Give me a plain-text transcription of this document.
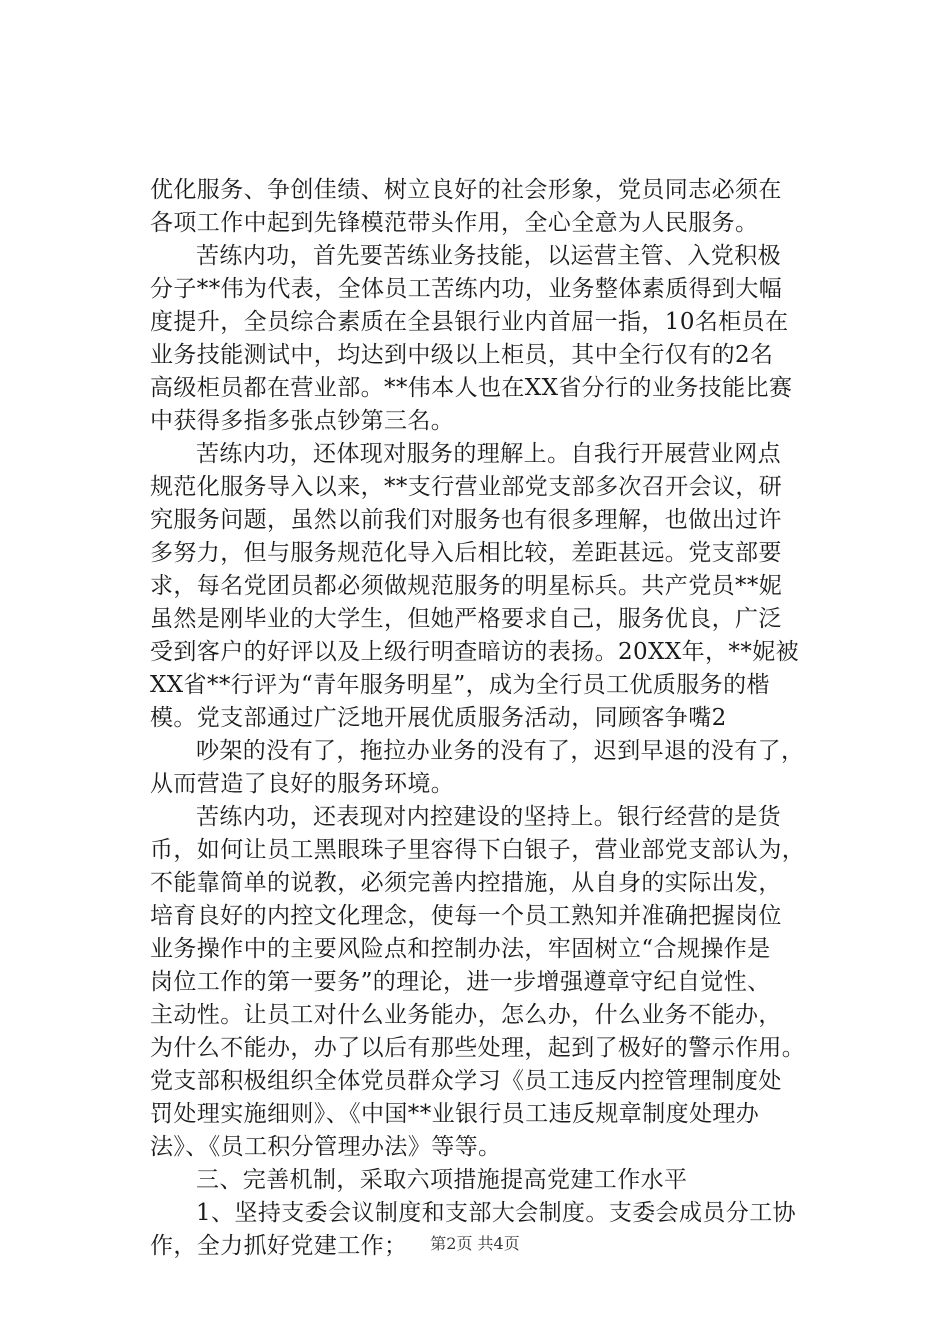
优化服务、争创佳绩、树立良好的社会形象，党员同志必须在
各项工作中起到先锋模范带头作用，全心全意为人民服务。
苦练内功，首先要苦练业务技能，以运营主管、入党积极
分子**伟为代表，全体员工苦练内功，业务整体素质得到大幅
度提升，全员综合素质在全县银行业内首屈一指，10名柜员在
业务技能测试中，均达到中级以上柜员，其中全行仅有的2名
高级柜员都在营业部。**伟本人也在XX省分行的业务技能比赛
中获得多指多张点钞第三名。
苦练内功，还体现对服务的理解上。自我行开展营业网点
规范化服务导入以来，**支行营业部党支部多次召开会议，研
究服务问题，虽然以前我们对服务也有很多理解，也做出过许
多努力，但与服务规范化导入后相比较，差距甚远。党支部要
求，每名党团员都必须做规范服务的明星标兵。共产党员**妮
虽然是刚毕业的大学生，但她严格要求自己，服务优良，广泛
受到客户的好评以及上级行明查暗访的表扬。20XX年，**妮被
XX省**行评为“青年服务明星”，成为全行员工优质服务的楷
模。党支部通过广泛地开展优质服务活动，同顾客争嘴2
吵架的没有了，拖拉办业务的没有了，迟到早退的没有了，
从而营造了良好的服务环境。
苦练内功，还表现对内控建设的坚持上。银行经营的是货
币，如何让员工黑眼珠子里容得下白银子，营业部党支部认为，
不能靠简单的说教，必须完善内控措施，从自身的实际出发，
培育良好的内控文化理念，使每一个员工熟知并准确把握岗位
业务操作中的主要风险点和控制办法，牢固树立“合规操作是
岗位工作的第一要务”的理论，进一步增强遵章守纪自觉性、
主动性。让员工对什么业务能办，怎么办，什么业务不能办，
为什么不能办，办了以后有那些处理，起到了极好的警示作用。
党支部积极组织全体党员群众学习《员工违反内控管理制度处
罚处理实施细则》、《中国**业银行员工违反规章制度处理办
法》、《员工积分管理办法》等等。
三、完善机制，采取六项措施提高党建工作水平
1、坚持支委会议制度和支部大会制度。支委会成员分工协
作，全力抓好党建工作；	第2页 共4页
